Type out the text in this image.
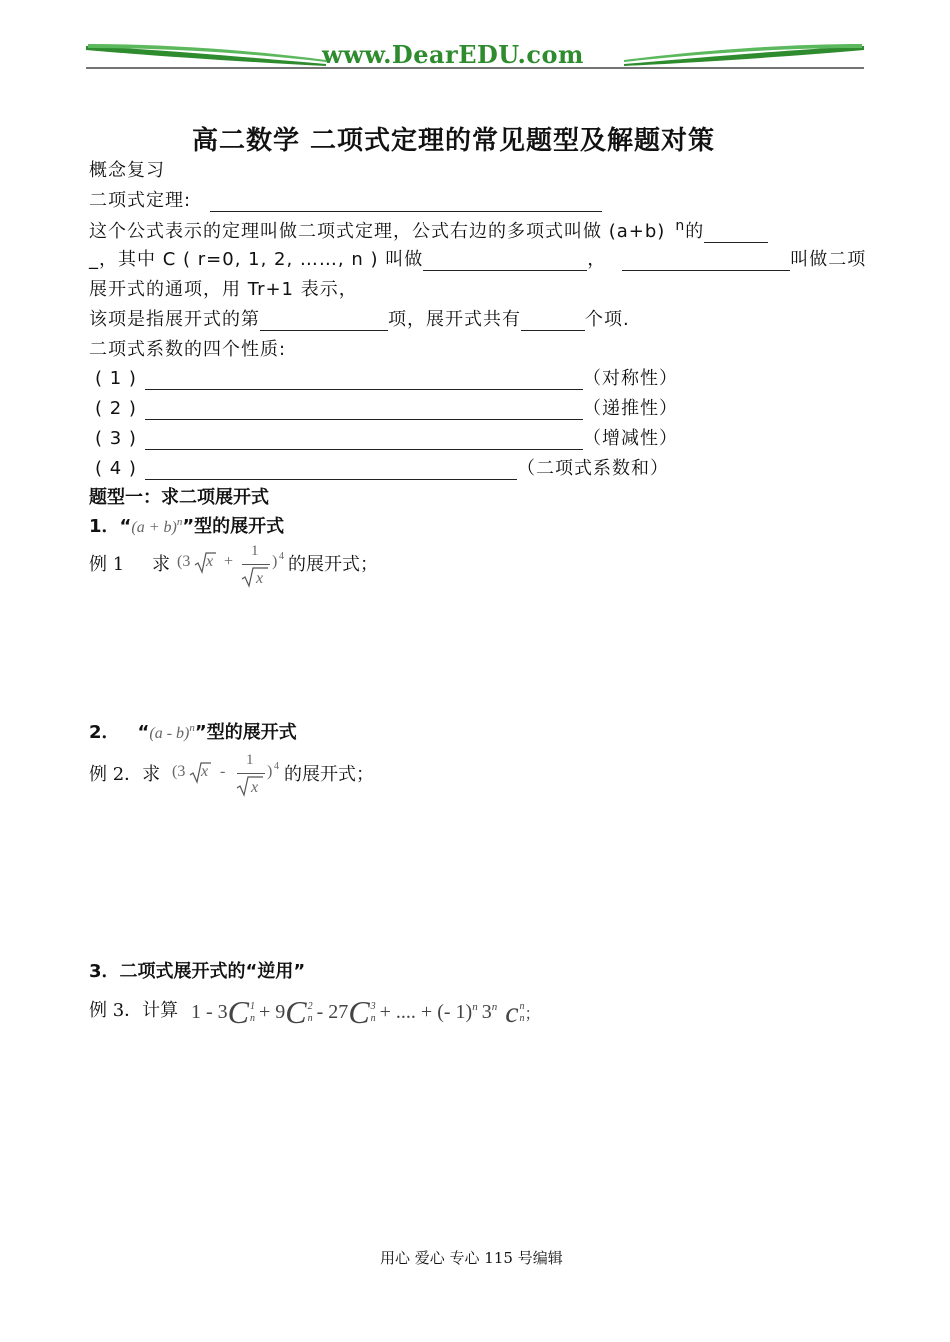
www.DearEDU.com
高二数学 二项式定理的常见题型及解题对策
概念复习
二项式定理:
这个公式表示的定理叫做二项式定理，公式右边的多项式叫做 (a+b) $^n$的
_，其中 C ( r=0, 1, 2, ……, n ) 叫做	，	叫做二项
展开式的通项，用 Tr+1 表示，
该项是指展开式的第	项，展开式共有	个项.
二项式系数的四个性质:
( 1 )	（对称性）
( 2 )	（递推性）
( 3 )	（增减性）
( 4 )	（二项式系数和）
题型一：求二项展开式
1．“$(a + b)^n$”型的展开式
例 1 求 (3 x +
1
x
) 4 的展开式；
2． “(a - b)$^n$”型的展开式
例 2．求 (3 x -
1
x
) 4 的展开式；
3．二项式展开式的“逆用”
例 3．计算 1 - 3C1
n + 9C2
n - 27C3
n + .... + (- 1)$^n$ 3$^n$ cn
n；
用心 爱心 专心 115 号编辑
